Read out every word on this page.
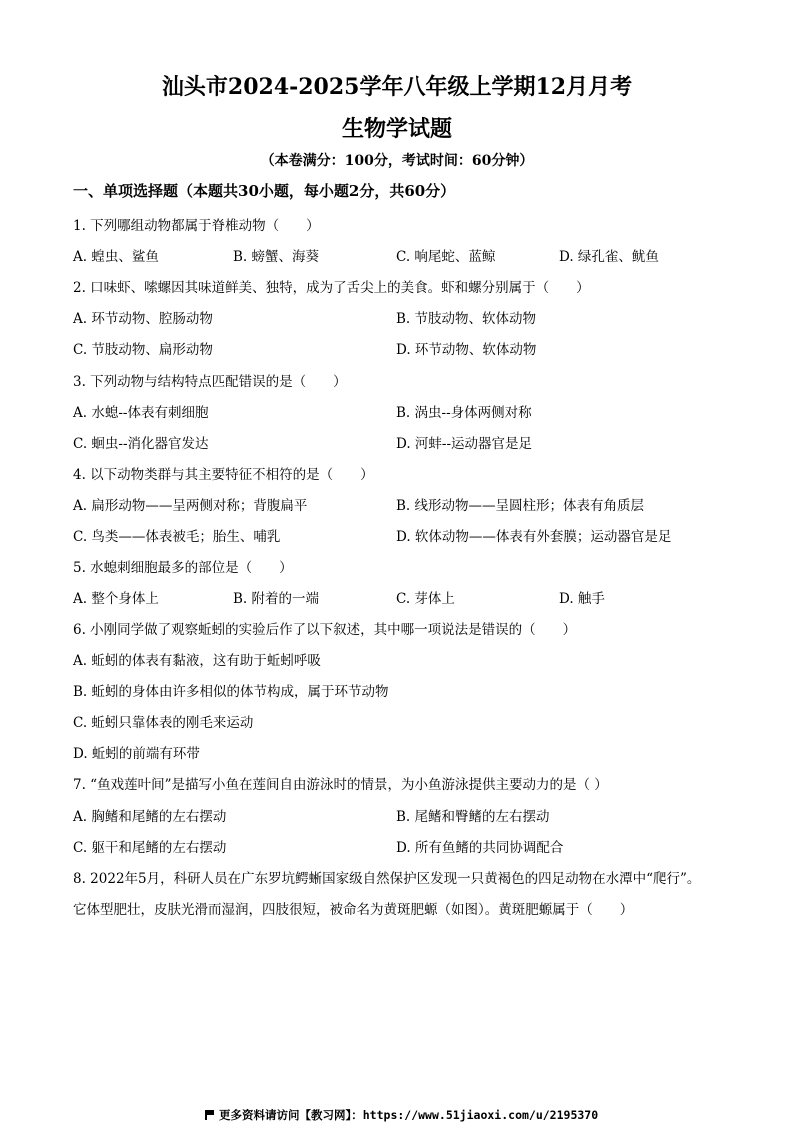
汕头市2024-2025学年八年级上学期12月月考
生物学试题
（本卷满分：100分，考试时间：60分钟）
一、单项选择题（本题共30小题，每小题2分，共60分）
1. 下列哪组动物都属于脊椎动物（　　）
A. 蝗虫、鲨鱼	B. 螃蟹、海葵	C. 响尾蛇、蓝鲸	D. 绿孔雀、鱿鱼
2. 口味虾、嗦螺因其味道鲜美、独特，成为了舌尖上的美食。虾和螺分别属于（　　）
A. 环节动物、腔肠动物	B. 节肢动物、软体动物
C. 节肢动物、扁形动物	D. 环节动物、软体动物
3. 下列动物与结构特点匹配错误的是（　　）
A. 水螅--体表有刺细胞	B. 涡虫--身体两侧对称
C. 蛔虫--消化器官发达	D. 河蚌--运动器官是足
4. 以下动物类群与其主要特征不相符的是（　　）
A. 扁形动物——呈两侧对称；背腹扁平	B. 线形动物——呈圆柱形；体表有角质层
C. 鸟类——体表被毛；胎生、哺乳	D. 软体动物——体表有外套膜；运动器官是足
5. 水螅刺细胞最多的部位是（　　）
A. 整个身体上	B. 附着的一端	C. 芽体上	D. 触手
6. 小刚同学做了观察蚯蚓的实验后作了以下叙述，其中哪一项说法是错误的（　　）
A. 蚯蚓的体表有黏液，这有助于蚯蚓呼吸
B. 蚯蚓的身体由许多相似的体节构成，属于环节动物
C. 蚯蚓只靠体表的刚毛来运动
D. 蚯蚓的前端有环带
7. “鱼戏莲叶间”是描写小鱼在莲间自由游泳时的情景，为小鱼游泳提供主要动力的是（ ）
A. 胸鳍和尾鳍的左右摆动	B. 尾鳍和臀鳍的左右摆动
C. 躯干和尾鳍的左右摆动	D. 所有鱼鳍的共同协调配合
8. 2022年5月，科研人员在广东罗坑鳄蜥国家级自然保护区发现一只黄褐色的四足动物在水潭中“爬行”。
它体型肥壮，皮肤光滑而湿润，四肢很短，被命名为黄斑肥螈（如图）。黄斑肥螈属于（　　）
更多资料请访问【教习网】：https://www.51jiaoxi.com/u/2195370
